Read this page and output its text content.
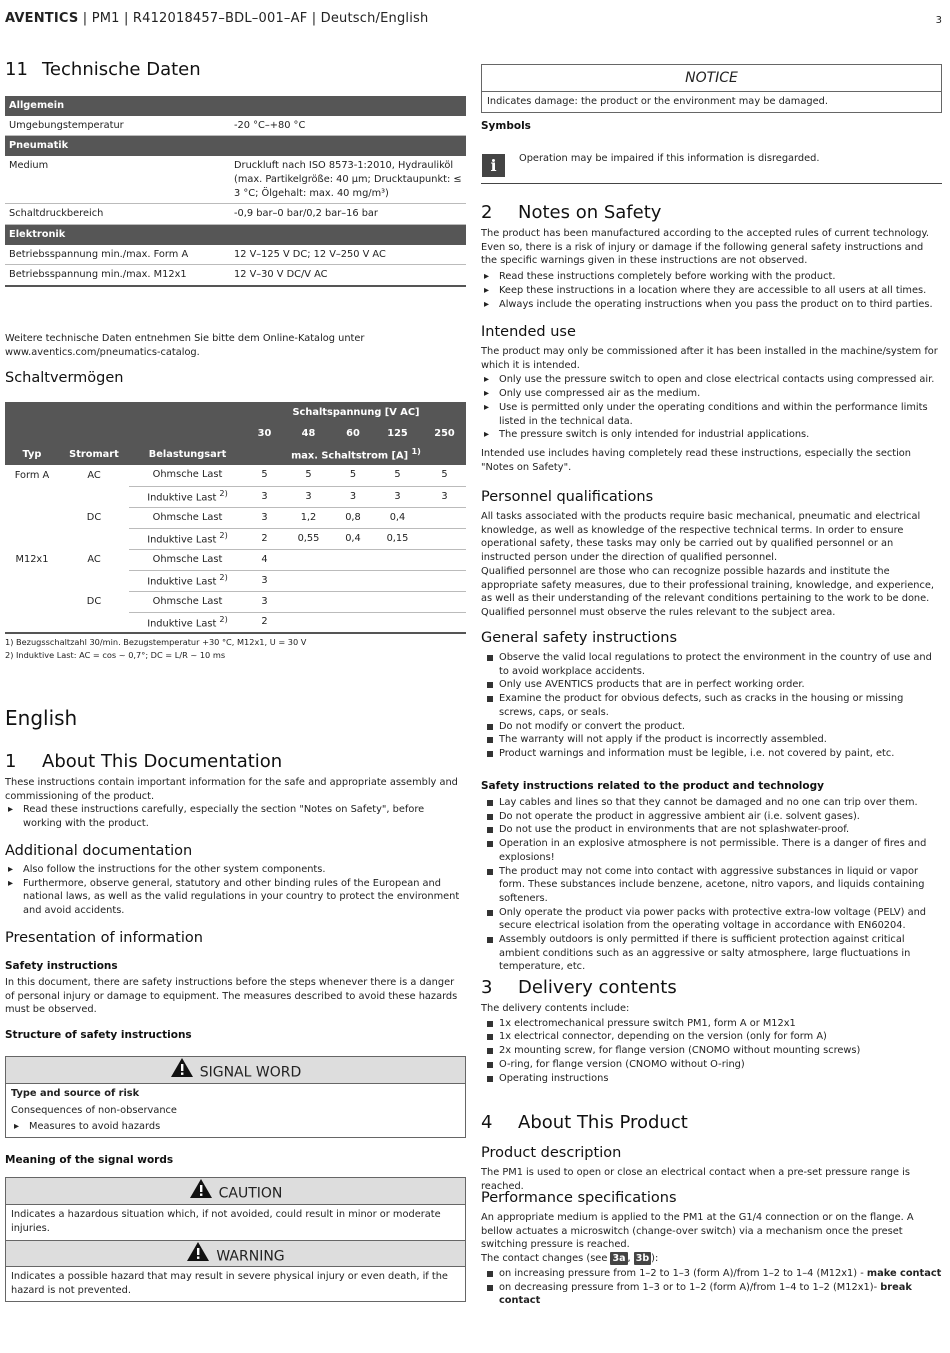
AVENTICS | PM1 | R412018457–BDL–001–AF | Deutsch/English	3
11 Technische Daten
Allgemein	
Umgebungstemperatur	-20 °C–+80 °C
Pneumatik	
Medium	Druckluft nach ISO 8573-1:2010, Hydrauliköl (max. Partikelgröße: 40 µm; Drucktaupunkt: ≤ 3 °C; Ölgehalt: max. 40 mg/m³)
Schaltdruckbereich	-0,9 bar–0 bar/0,2 bar–16 bar
Elektronik	
Betriebsspannung min./max. Form A	12 V–125 V DC; 12 V–250 V AC
Betriebsspannung min./max. M12x1	12 V–30 V DC/V AC

Weitere technische Daten entnehmen Sie bitte dem Online-Katalog unter

www.aventics.com/pneumatics-catalog.

Schaltvermögen
			Schaltspannung [V AC]				
			30	48	60	125	250
Typ	Stromart	Belastungsart	max. Schaltstrom [A] $^{1)}$
Form A	AC	Ohmsche Last	5	5	5	5	5
		Induktive Last $^{2)}$	3	3	3	3	3
	DC	Ohmsche Last	3	1,2	0,8	0,4	
		Induktive Last $^{2)}$	2	0,55	0,4	0,15	
M12x1	AC	Ohmsche Last	4				
		Induktive Last $^{2)}$	3				
	DC	Ohmsche Last	3				
		Induktive Last $^{2)}$	2				

1) Bezugsschaltzahl 30/min. Bezugstemperatur +30 °C, M12x1, U = 30 V

2) Induktive Last: AC = cos ~ 0,7°; DC = L/R ~ 10 ms

English
1 About This Documentation

These instructions contain important information for the safe and appropriate assembly and commissioning of the product.

▸ Read these instructions carefully, especially the section "Notes on Safety", before working with the product.
Additional documentation
▸ Also follow the instructions for the other system components.
▸ Furthermore, observe general, statutory and other binding rules of the European and national laws, as well as the valid regulations in your country to protect the environment and avoid accidents.
Presentation of information
Safety instructions

In this document, there are safety instructions before the steps whenever there is a danger of personal injury or damage to equipment. The measures described to avoid these hazards must be observed.

Structure of safety instructions
SIGNAL WORD

Type and source of risk

Consequences of non-observance

▸ Measures to avoid hazards
Meaning of the signal words
CAUTION
Indicates a hazardous situation which, if not avoided, could result in minor or moderate injuries.
WARNING
Indicates a possible hazard that may result in severe physical injury or even death, if the hazard is not prevented.
NOTICE
Indicates damage: the product or the environment may be damaged.
Symbols
i	Operation may be impaired if this information is disregarded.

2 Notes on Safety

The product has been manufactured according to the accepted rules of current technology. Even so, there is a risk of injury or damage if the following general safety instructions and the specific warnings given in these instructions are not observed.

▸ Read these instructions completely before working with the product.
▸ Keep these instructions in a location where they are accessible to all users at all times.
▸ Always include the operating instructions when you pass the product on to third parties.
Intended use

The product may only be commissioned after it has been installed in the machine/system for which it is intended.

▸ Only use the pressure switch to open and close electrical contacts using compressed air.
▸ Only use compressed air as the medium.
▸ Use is permitted only under the operating conditions and within the performance limits listed in the technical data.
▸ The pressure switch is only intended for industrial applications.

Intended use includes having completely read these instructions, especially the section "Notes on Safety".

Personnel qualifications

All tasks associated with the products require basic mechanical, pneumatic and electrical knowledge, as well as knowledge of the respective technical terms. In order to ensure operational safety, these tasks may only be carried out by qualified personnel or an instructed person under the direction of qualified personnel.

Qualified personnel are those who can recognize possible hazards and institute the appropriate safety measures, due to their professional training, knowledge, and experience, as well as their understanding of the relevant conditions pertaining to the work to be done. Qualified personnel must observe the rules relevant to the subject area.

General safety instructions
Observe the valid local regulations to protect the environment in the country of use and to avoid workplace accidents.
Only use AVENTICS products that are in perfect working order.
Examine the product for obvious defects, such as cracks in the housing or missing screws, caps, or seals.
Do not modify or convert the product.
The warranty will not apply if the product is incorrectly assembled.
Product warnings and information must be legible, i.e. not covered by paint, etc.
Safety instructions related to the product and technology
Lay cables and lines so that they cannot be damaged and no one can trip over them.
Do not operate the product in aggressive ambient air (i.e. solvent gases).
Do not use the product in environments that are not splashwater-proof.
Operation in an explosive atmosphere is not permissible. There is a danger of fires and explosions!
The product may not come into contact with aggressive substances in liquid or vapor form. These substances include benzene, acetone, nitro vapors, and liquids containing softeners.
Only operate the product via power packs with protective extra-low voltage (PELV) and secure electrical isolation from the operating voltage in accordance with EN60204.
Assembly outdoors is only permitted if there is sufficient protection against critical ambient conditions such as an aggressive or salty atmosphere, large fluctuations in temperature, etc.
3 Delivery contents

The delivery contents include:

1x electromechanical pressure switch PM1, form A or M12x1
1x electrical connector, depending on the version (only for form A)
2x mounting screw, for flange version (CNOMO without mounting screws)
O-ring, for flange version (CNOMO without O-ring)
Operating instructions
4 About This Product
Product description

The PM1 is used to open or close an electrical contact when a pre-set pressure range is reached.

Performance specifications

An appropriate medium is applied to the PM1 at the G1/4 connection or on the flange. A bellow actuates a microswitch (change-over switch) via a mechanism once the preset switching pressure is reached.

The contact changes (see 3a , 3b ):

on increasing pressure from 1–2 to 1–3 (form A)/from 1–2 to 1–4 (M12x1) - make contact
on decreasing pressure from 1–3 or to 1–2 (form A)/from 1–4 to 1–2 (M12x1)- break contact
